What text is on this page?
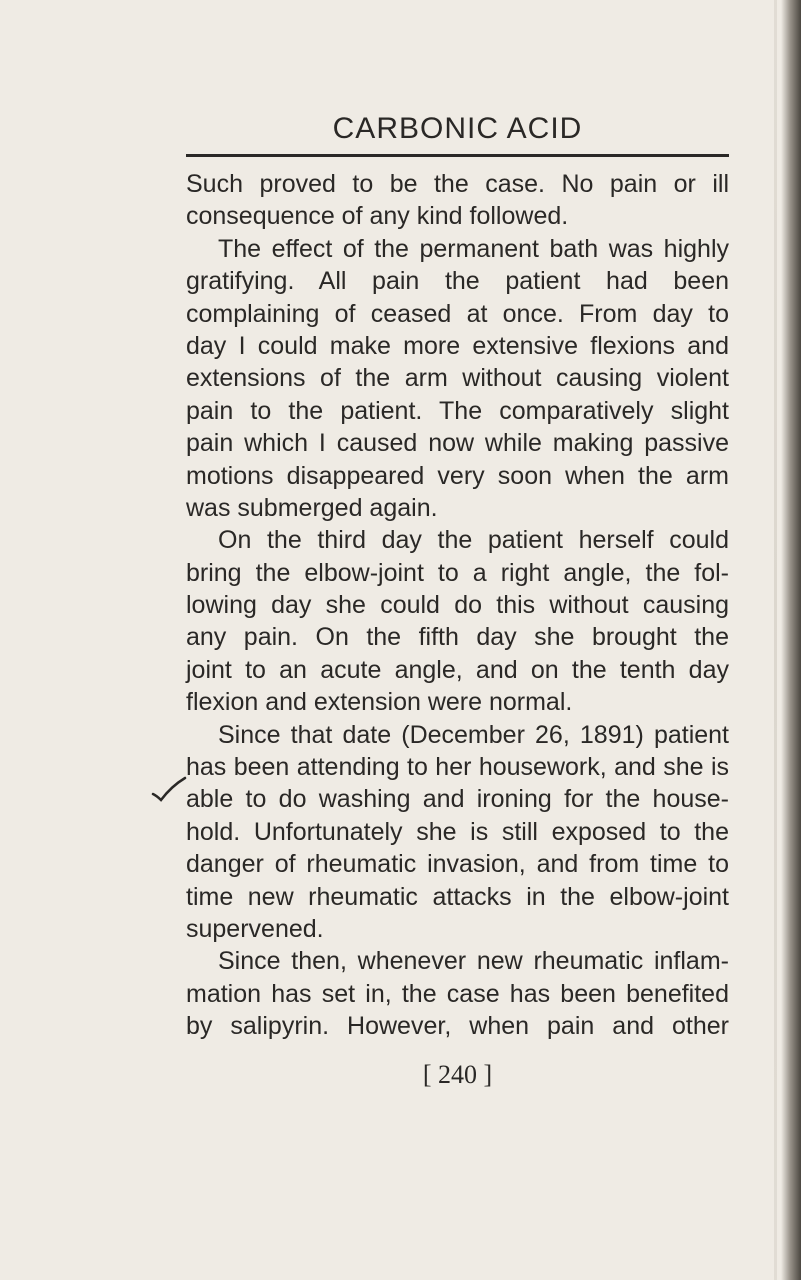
CARBONIC ACID
Such proved to be the case. No pain or ill
consequence of any kind followed.
The effect of the permanent bath was highly
gratifying. All pain the patient had been
complaining of ceased at once. From day to
day I could make more extensive flexions and
extensions of the arm without causing violent
pain to the patient. The comparatively slight
pain which I caused now while making passive
motions disappeared very soon when the arm
was submerged again.
On the third day the patient herself could
bring the elbow-joint to a right angle, the fol-
lowing day she could do this without causing
any pain. On the fifth day she brought the
joint to an acute angle, and on the tenth day
flexion and extension were normal.
Since that date (December 26, 1891) patient
has been attending to her housework, and she is
able to do washing and ironing for the house-
hold. Unfortunately she is still exposed to the
danger of rheumatic invasion, and from time to
time new rheumatic attacks in the elbow-joint
supervened.
Since then, whenever new rheumatic inflam-
mation has set in, the case has been benefited
by salipyrin. However, when pain and other
[ 240 ]
